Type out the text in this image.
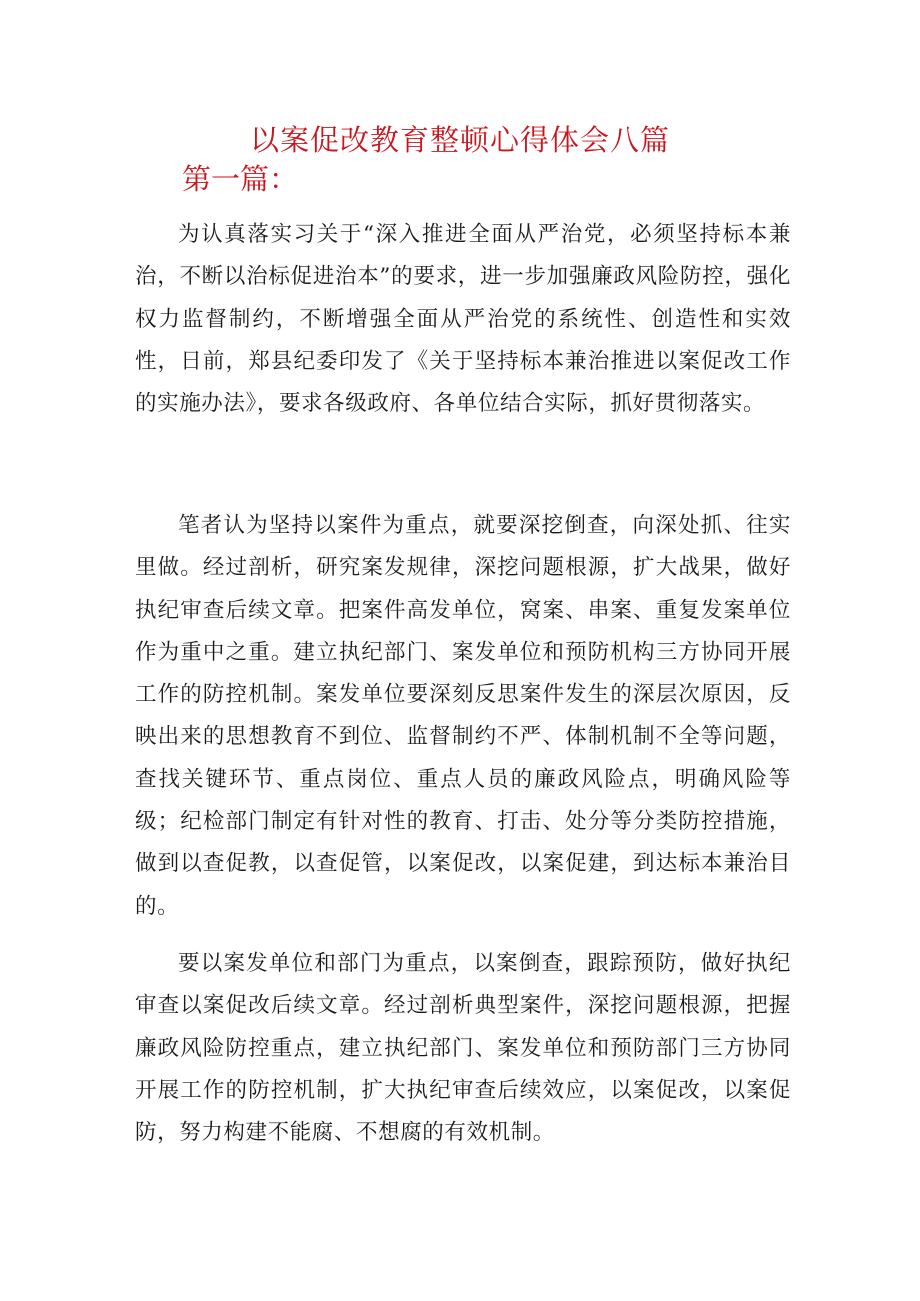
以案促改教育整顿心得体会八篇
第一篇：

为认真落实习关于“深入推进全面从严治党，必须坚持标本兼治，不断以治标促进治本”的要求，进一步加强廉政风险防控，强化权力监督制约，不断增强全面从严治党的系统性、创造性和实效性，日前，郑县纪委印发了《关于坚持标本兼治推进以案促改工作的实施办法》，要求各级政府、各单位结合实际，抓好贯彻落实。

笔者认为坚持以案件为重点，就要深挖倒查，向深处抓、往实里做。经过剖析，研究案发规律，深挖问题根源，扩大战果，做好执纪审查后续文章。把案件高发单位，窝案、串案、重复发案单位作为重中之重。建立执纪部门、案发单位和预防机构三方协同开展工作的防控机制。案发单位要深刻反思案件发生的深层次原因，反映出来的思想教育不到位、监督制约不严、体制机制不全等问题，查找关键环节、重点岗位、重点人员的廉政风险点，明确风险等级；纪检部门制定有针对性的教育、打击、处分等分类防控措施，做到以查促教，以查促管，以案促改，以案促建，到达标本兼治目的。

要以案发单位和部门为重点，以案倒查，跟踪预防，做好执纪审查以案促改后续文章。经过剖析典型案件，深挖问题根源，把握廉政风险防控重点，建立执纪部门、案发单位和预防部门三方协同开展工作的防控机制，扩大执纪审查后续效应，以案促改，以案促防，努力构建不能腐、不想腐的有效机制。
